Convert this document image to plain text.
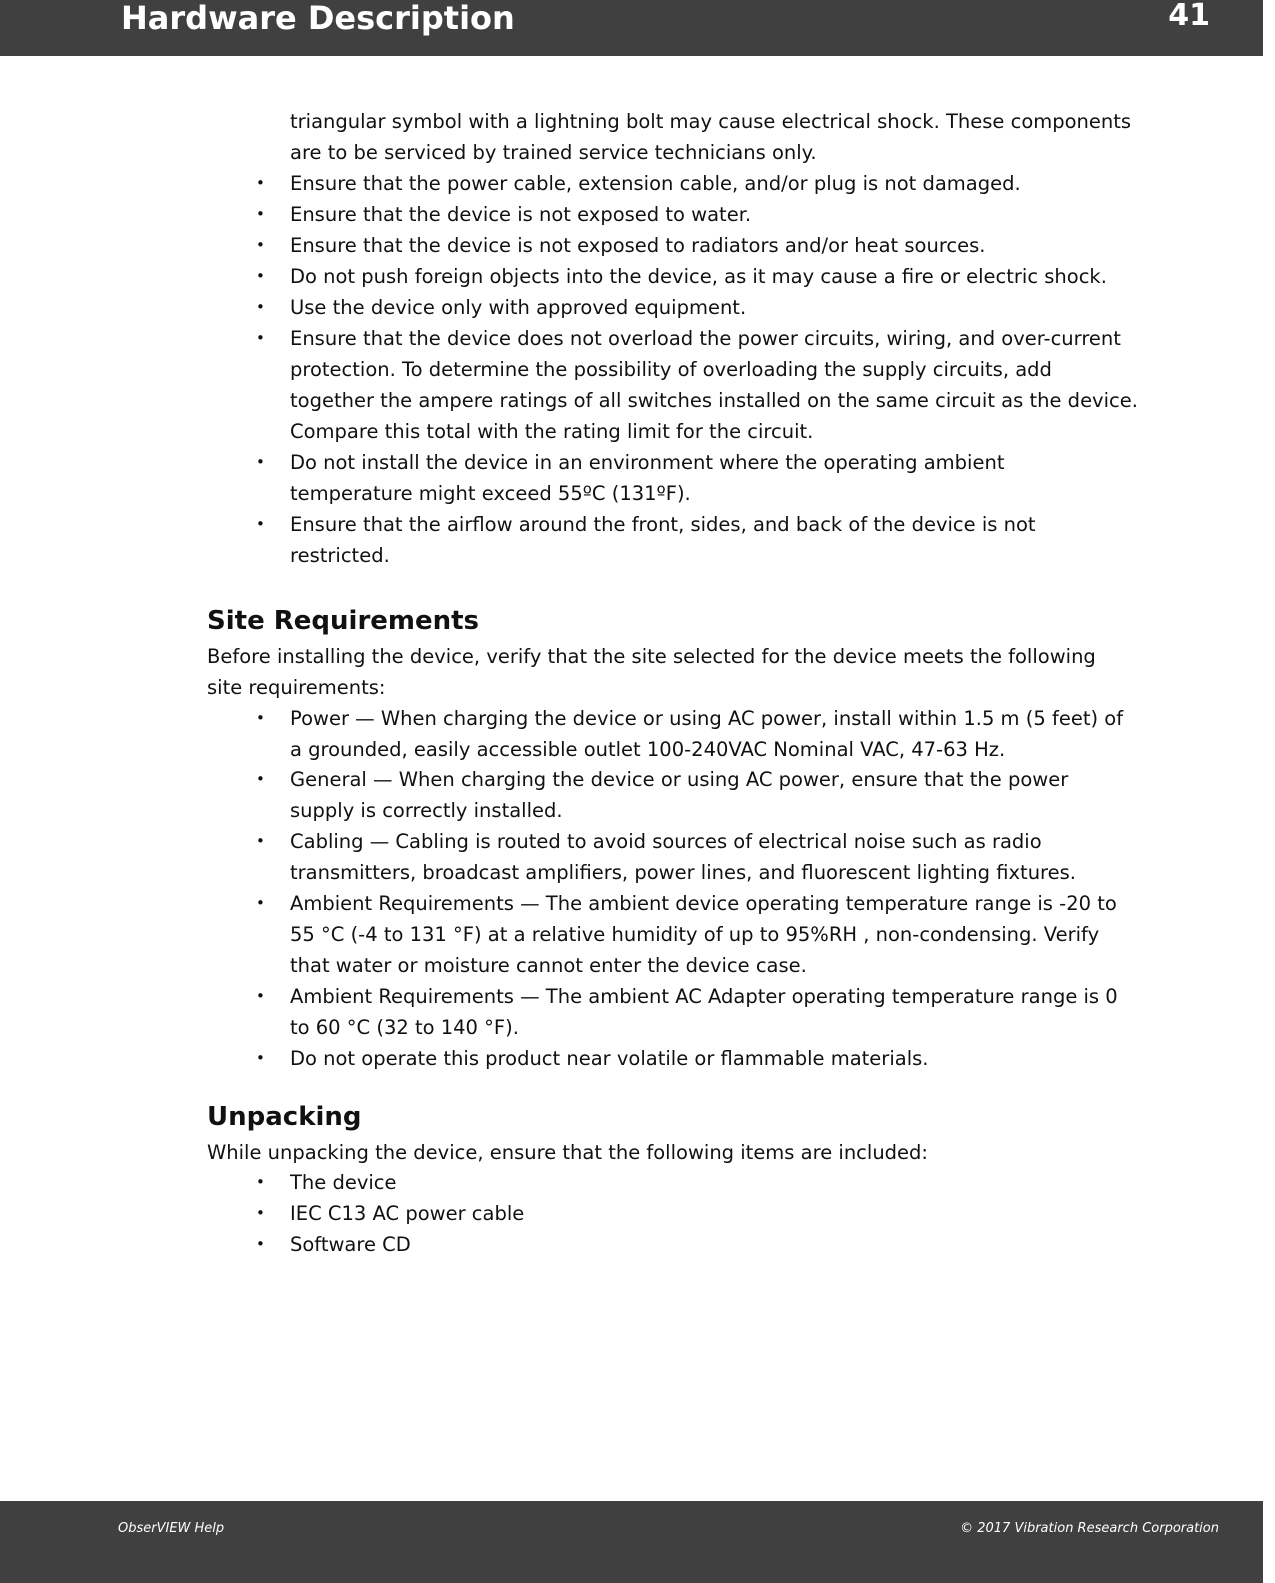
Hardware Description	41
triangular symbol with a lightning bolt may cause electrical shock. These components
are to be serviced by trained service technicians only.
• Ensure that the power cable, extension cable, and/or plug is not damaged.
• Ensure that the device is not exposed to water.
• Ensure that the device is not exposed to radiators and/or heat sources.
• Do not push foreign objects into the device, as it may cause a fire or electric shock.
• Use the device only with approved equipment.
• Ensure that the device does not overload the power circuits, wiring, and over-current
protection. To determine the possibility of overloading the supply circuits, add
together the ampere ratings of all switches installed on the same circuit as the device.
Compare this total with the rating limit for the circuit.
• Do not install the device in an environment where the operating ambient
temperature might exceed 55ºC (131ºF).
• Ensure that the airflow around the front, sides, and back of the device is not
restricted.
Site Requirements
Before installing the device, verify that the site selected for the device meets the following
site requirements:
• Power — When charging the device or using AC power, install within 1.5 m (5 feet) of
a grounded, easily accessible outlet 100-240VAC Nominal VAC, 47-63 Hz.
• General — When charging the device or using AC power, ensure that the power
supply is correctly installed.
• Cabling — Cabling is routed to avoid sources of electrical noise such as radio
transmitters, broadcast amplifiers, power lines, and fluorescent lighting fixtures.
• Ambient Requirements — The ambient device operating temperature range is -20 to
55 °C (-4 to 131 °F) at a relative humidity of up to 95%RH , non-condensing. Verify
that water or moisture cannot enter the device case.
• Ambient Requirements — The ambient AC Adapter operating temperature range is 0
to 60 °C (32 to 140 °F).
• Do not operate this product near volatile or flammable materials.
Unpacking
While unpacking the device, ensure that the following items are included:
• The device
• IEC C13 AC power cable
• Software CD
ObserVIEW Help	© 2017 Vibration Research Corporation
